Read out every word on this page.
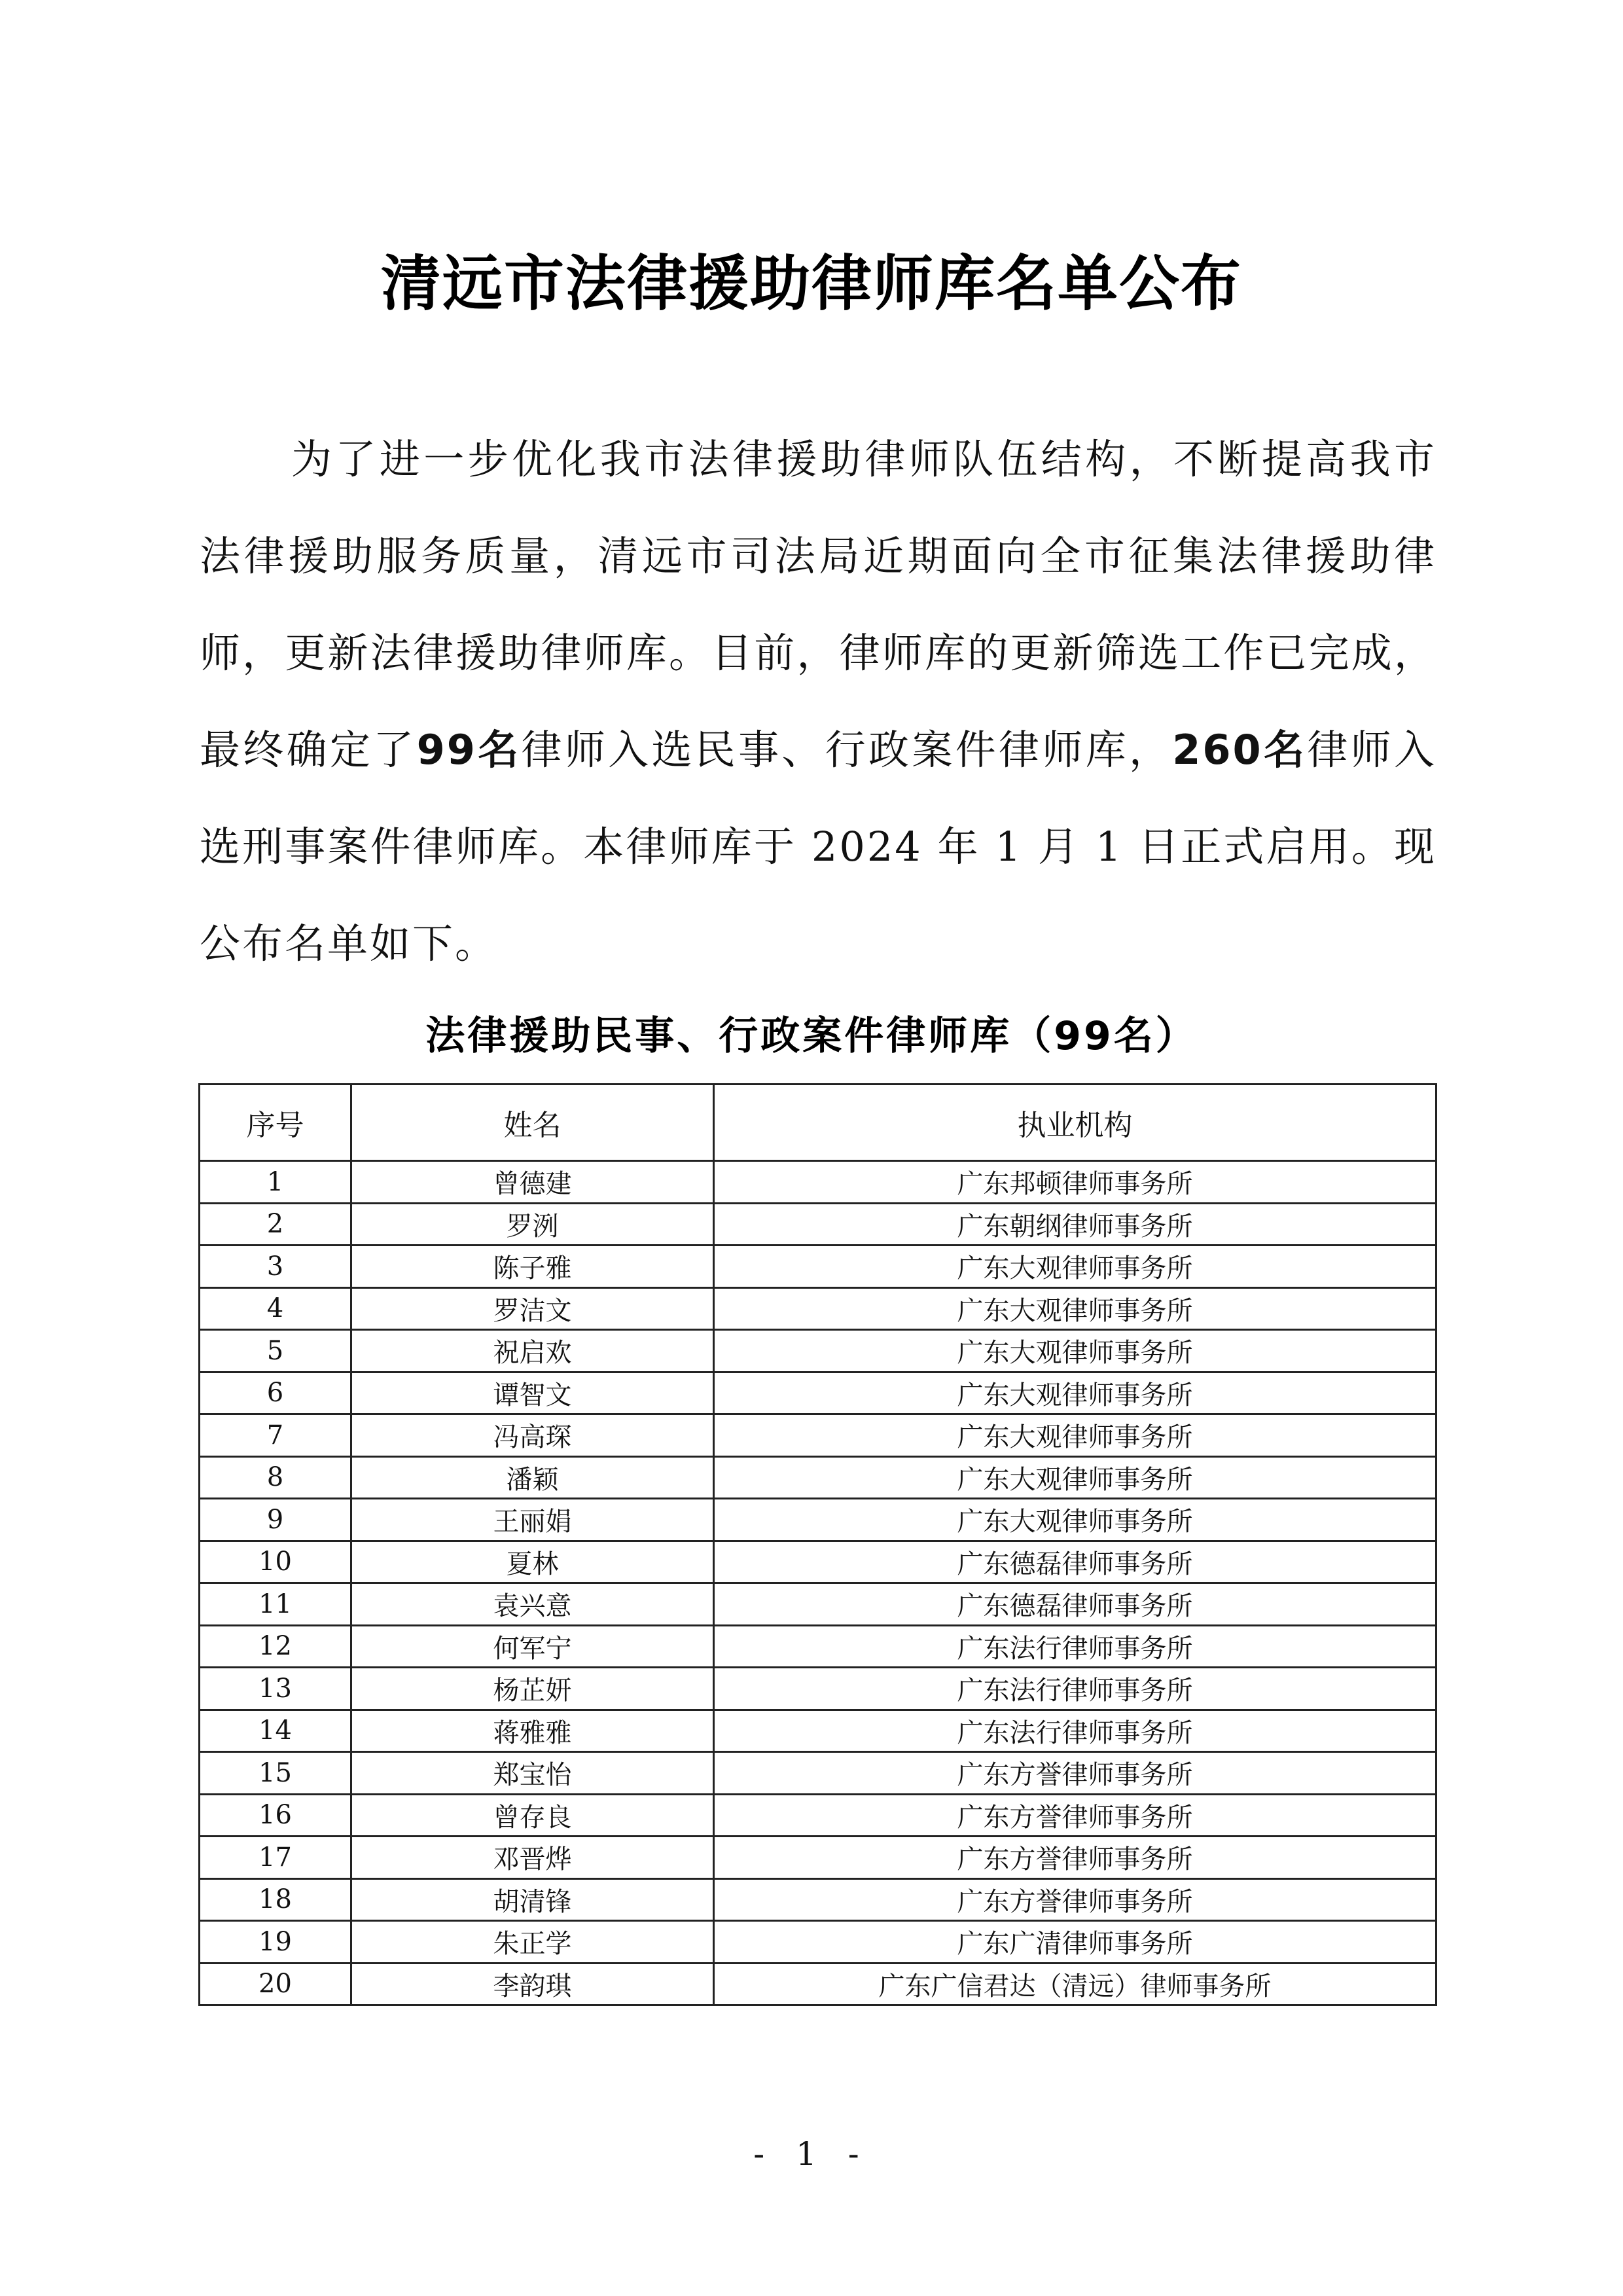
清远市法律援助律师库名单公布

为了进一步优化我市法律援助律师队伍结构，不断提高我市法律援助服务质量，清远市司法局近期面向全市征集法律援助律师，更新法律援助律师库。目前，律师库的更新筛选工作已完成，最终确定了99名律师入选民事、行政案件律师库，260名律师入选刑事案件律师库。本律师库于 2024 年 1 月 1 日正式启用。现公布名单如下。

法律援助民事、行政案件律师库（99名）
序号	姓名	执业机构
1	曾德建	广东邦顿律师事务所
2	罗洌	广东朝纲律师事务所
3	陈子雅	广东大观律师事务所
4	罗洁文	广东大观律师事务所
5	祝启欢	广东大观律师事务所
6	谭智文	广东大观律师事务所
7	冯高琛	广东大观律师事务所
8	潘颖	广东大观律师事务所
9	王丽娟	广东大观律师事务所
10	夏林	广东德磊律师事务所
11	袁兴意	广东德磊律师事务所
12	何军宁	广东法行律师事务所
13	杨芷妍	广东法行律师事务所
14	蒋雅雅	广东法行律师事务所
15	郑宝怡	广东方誉律师事务所
16	曾存良	广东方誉律师事务所
17	邓晋烨	广东方誉律师事务所
18	胡清锋	广东方誉律师事务所
19	朱正学	广东广清律师事务所
20	李韵琪	广东广信君达（清远）律师事务所
- 1 -
